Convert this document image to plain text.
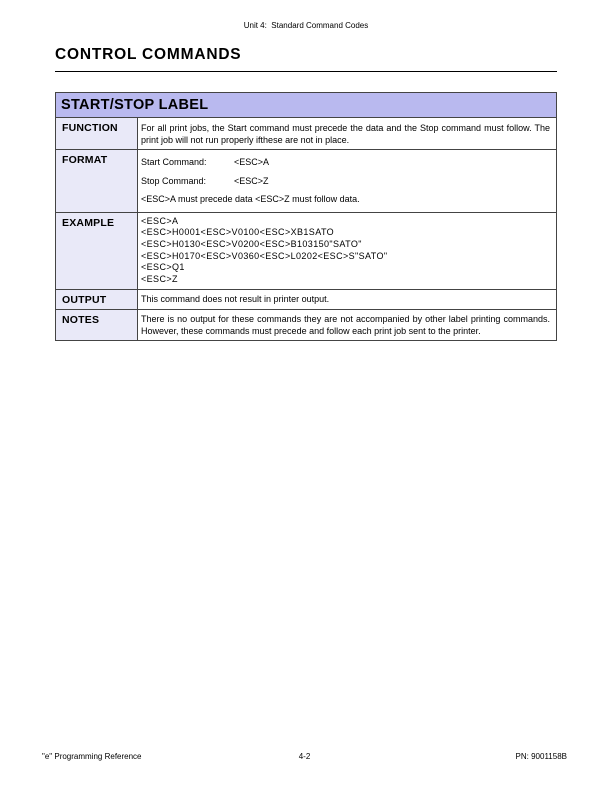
Unit 4:  Standard Command Codes
CONTROL COMMANDS
START/STOP LABEL
FUNCTION	For all print jobs, the Start command must precede the data and the Stop command must follow. The print job will not run properly ifthese are not in place.
FORMAT	Start Command:	<ESC>A
Stop Command:	<ESC>Z
<ESC>A must precede data <ESC>Z must follow data.
EXAMPLE	<ESC>A
<ESC>H0001<ESC>V0100<ESC>XB1SATO
<ESC>H0130<ESC>V0200<ESC>B103150"SATO"
<ESC>H0170<ESC>V0360<ESC>L0202<ESC>S"SATO"
<ESC>Q1
<ESC>Z
OUTPUT	This command does not result in printer output.
NOTES	There is no output for these commands they are not accompanied by other label printing commands. However, these commands must precede and follow each print job sent to the printer.
"e" Programming Reference	4-2	PN: 9001158B
